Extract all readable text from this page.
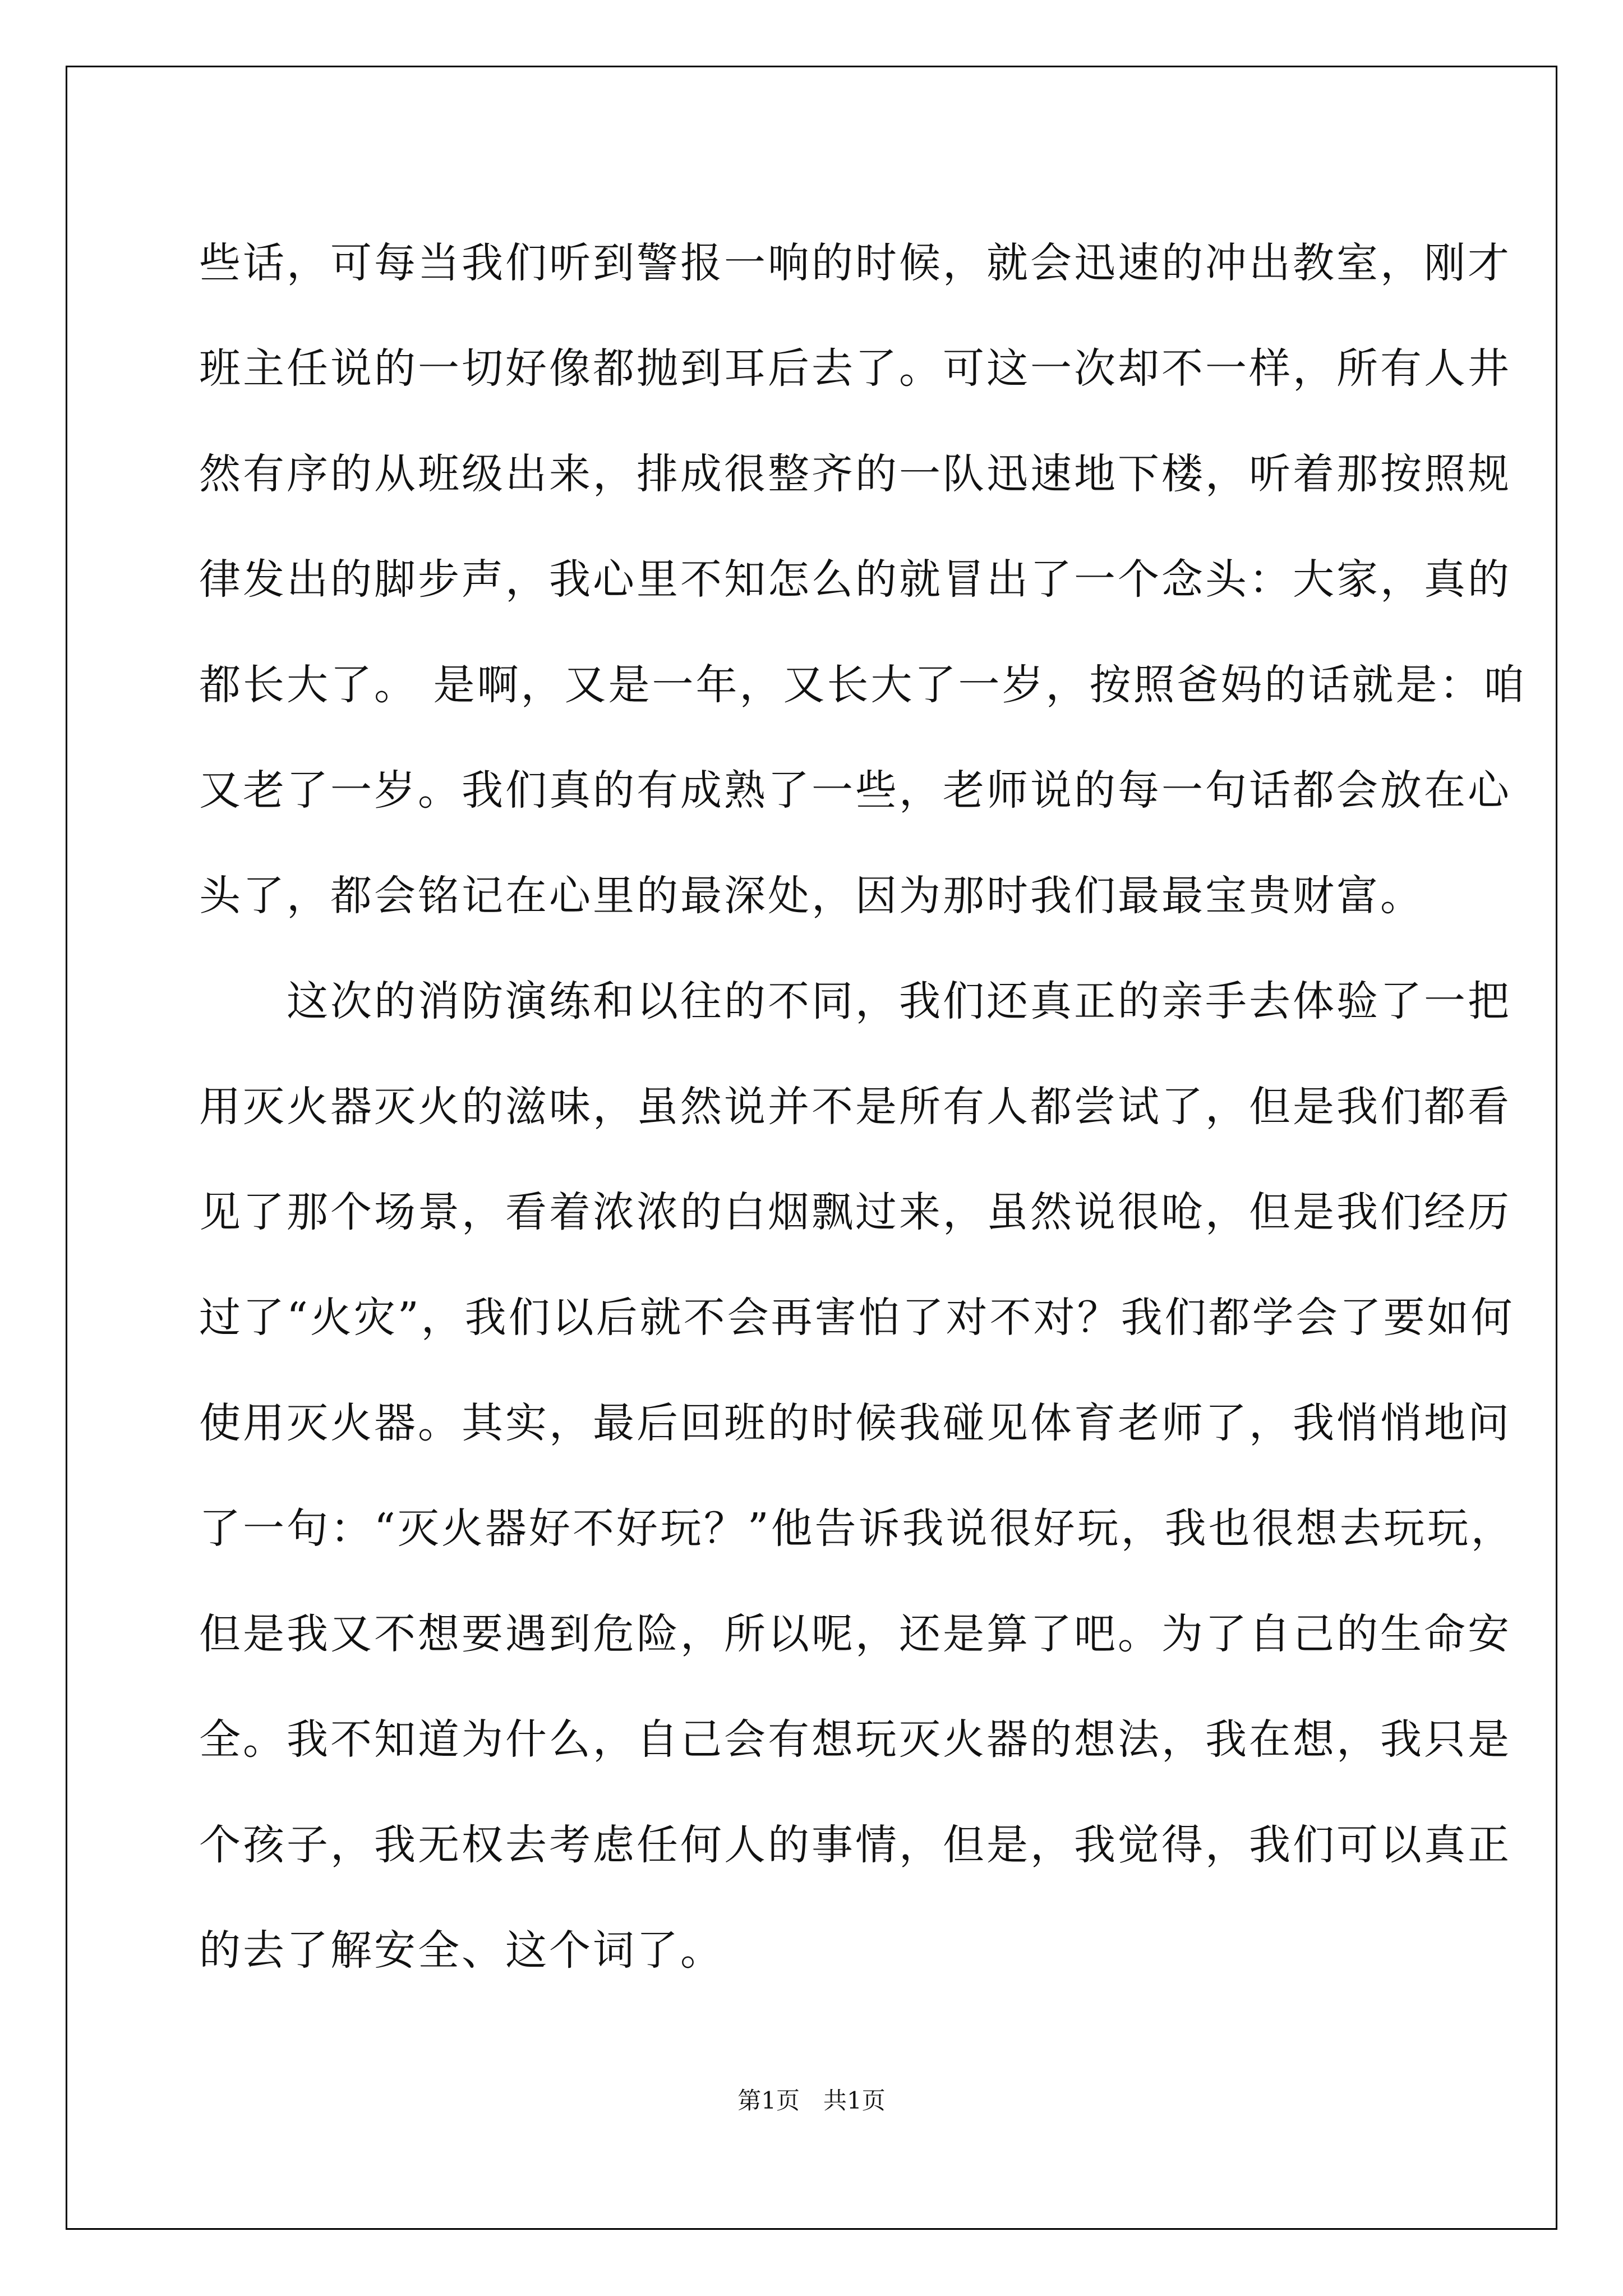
些话，可每当我们听到警报一响的时候，就会迅速的冲出教室，刚才
班主任说的一切好像都抛到耳后去了。可这一次却不一样，所有人井
然有序的从班级出来，排成很整齐的一队迅速地下楼，听着那按照规
律发出的脚步声，我心里不知怎么的就冒出了一个念头：大家，真的
都长大了。 是啊，又是一年，又长大了一岁，按照爸妈的话就是：咱
又老了一岁。我们真的有成熟了一些，老师说的每一句话都会放在心
头了，都会铭记在心里的最深处，因为那时我们最最宝贵财富。
　　这次的消防演练和以往的不同，我们还真正的亲手去体验了一把
用灭火器灭火的滋味，虽然说并不是所有人都尝试了，但是我们都看
见了那个场景，看着浓浓的白烟飘过来，虽然说很呛，但是我们经历
过了“火灾”，我们以后就不会再害怕了对不对？我们都学会了要如何
使用灭火器。其实，最后回班的时候我碰见体育老师了，我悄悄地问
了一句：“灭火器好不好玩？”他告诉我说很好玩，我也很想去玩玩，
但是我又不想要遇到危险，所以呢，还是算了吧。为了自己的生命安
全。我不知道为什么，自己会有想玩灭火器的想法，我在想，我只是
个孩子，我无权去考虑任何人的事情，但是，我觉得，我们可以真正
的去了解安全、这个词了。
第1页　共1页
